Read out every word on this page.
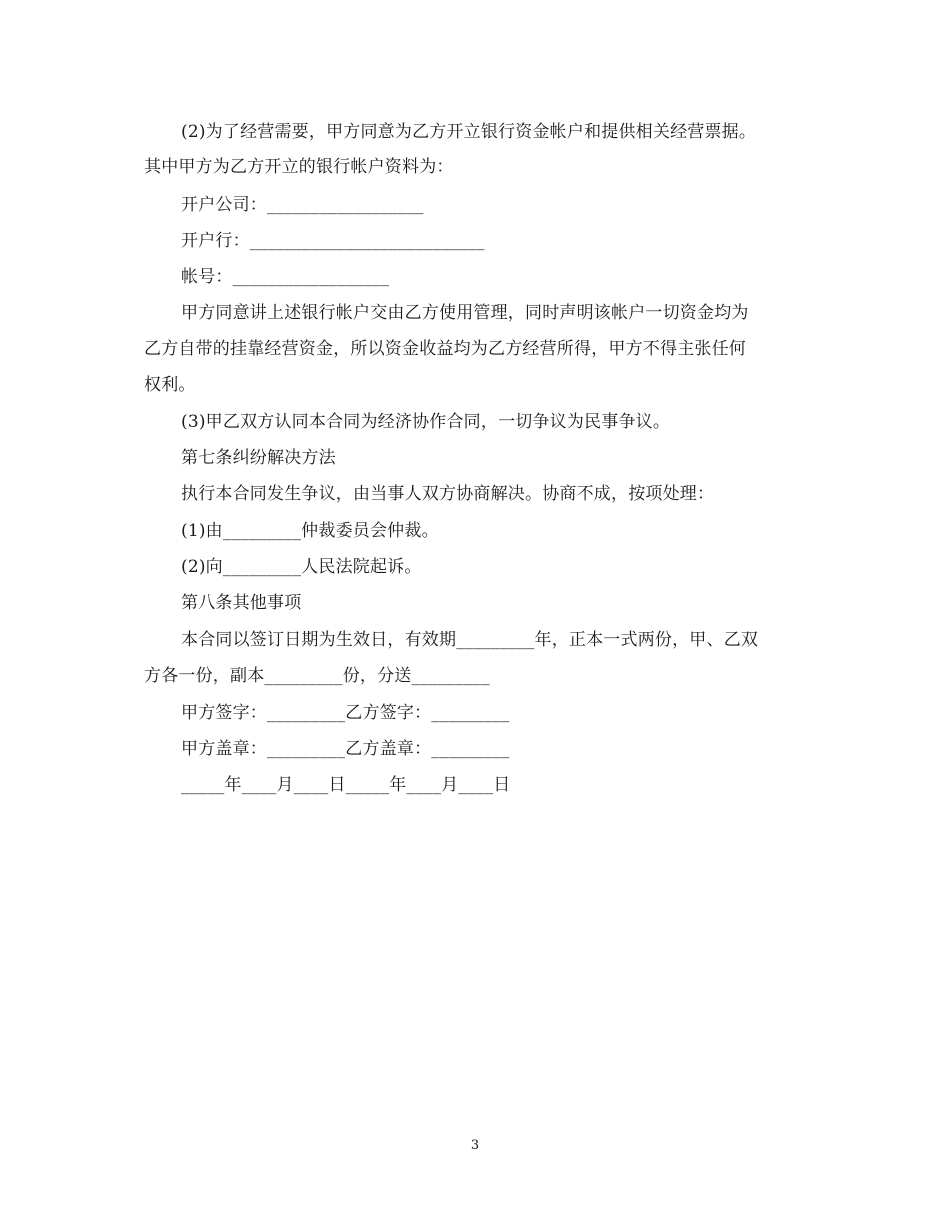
(2)为了经营需要，甲方同意为乙方开立银行资金帐户和提供相关经营票据。
其中甲方为乙方开立的银行帐户资料为：
开户公司：__________________
开户行：___________________________
帐号：__________________
甲方同意讲上述银行帐户交由乙方使用管理，同时声明该帐户一切资金均为
乙方自带的挂靠经营资金，所以资金收益均为乙方经营所得，甲方不得主张任何
权利。
(3)甲乙双方认同本合同为经济协作合同，一切争议为民事争议。
第七条纠纷解决方法
执行本合同发生争议，由当事人双方协商解决。协商不成，按项处理：
(1)由_________仲裁委员会仲裁。
(2)向_________人民法院起诉。
第八条其他事项
本合同以签订日期为生效日，有效期_________年，正本一式两份，甲、乙双
方各一份，副本_________份，分送_________
甲方签字：_________乙方签字：_________
甲方盖章：_________乙方盖章：_________
_____年____月____日_____年____月____日
3
